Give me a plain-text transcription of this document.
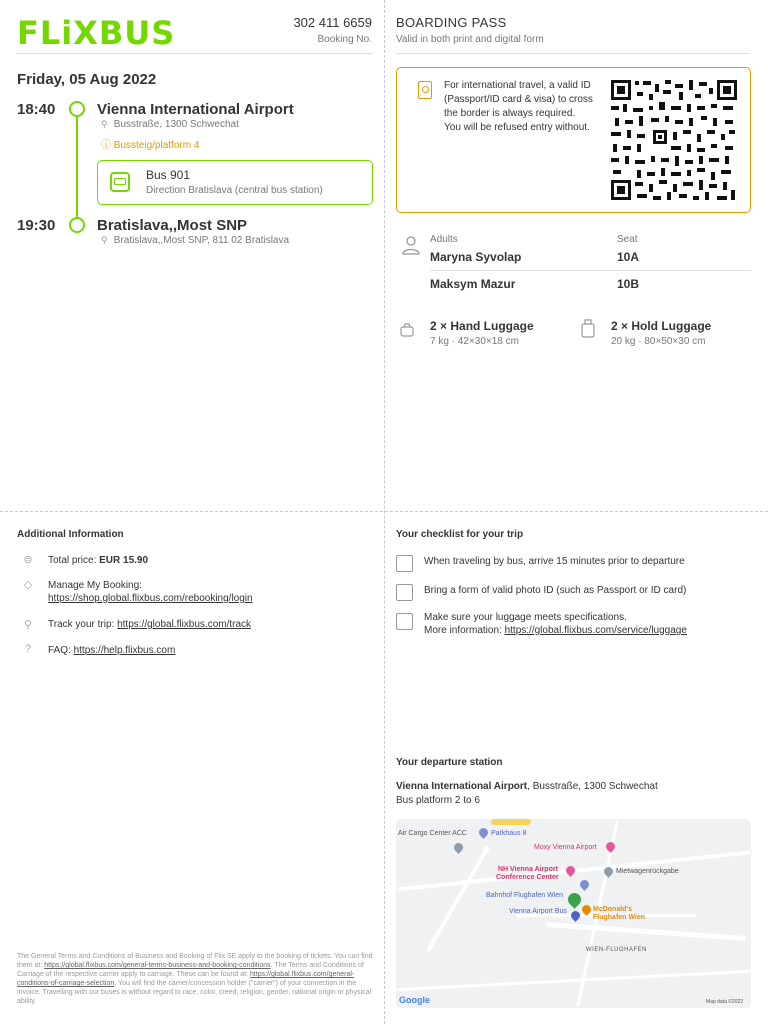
FLiXBUS	302 411 6659
Booking No.
BOARDING PASS
Valid in both print and digital form
Friday, 05 Aug 2022
18:40	Vienna International Airport
⚲ Busstraße, 1300 Schwechat
ⓘ Bussteig/platform 4
Bus 901
Direction Bratislava (central bus station)
19:30	Bratislava,,Most SNP
⚲ Bratislava,,Most SNP, 811 02 Bratislava
For international travel, a valid ID (Passport/ID card & visa) to cross the border is always required. You will be refused entry without.
Adults	Seat
Maryna Syvolap	10A
Maksym Mazur	10B
2 × Hand Luggage
7 kg · 42×30×18 cm
2 × Hold Luggage
20 kg · 80×50×30 cm
Additional Information
⊜ Total price: EUR 15.90
◇ Manage My Booking:
https://shop.global.flixbus.com/rebooking/login
⚲ Track your trip: https://global.flixbus.com/track
?	FAQ: https://help.flixbus.com
Your checklist for your trip
When traveling by bus, arrive 15 minutes prior to departure
Bring a form of valid photo ID (such as Passport or ID card)
Make sure your luggage meets specifications.
More information: https://global.flixbus.com/service/luggage
Your departure station
Vienna International Airport, Busstraße, 1300 Schwechat
Bus platform 2 to 6
Air Cargo Center ACC	Parkhaus 8
Moxy Vienna Airport
NH Vienna Airport
Conference Center
Mietwagenrückgabe
Bahnhof Flughafen Wien
Vienna Airport Bus	McDonald's
Flughafen Wien
WIEN-FLUGHAFEN
Google	Map data ©2022
The General Terms and Conditions of Business and Booking of Flix SE apply to the booking of tickets. You can find them at: https://global.flixbus.com/general-terms-business-and-booking-conditions. The Terms and Conditions of Carriage of the respective carrier apply to carriage. These can be found at: https://global.flixbus.com/general-conditions-of-carriage-selection. You will find the carrier/concession holder ("carrier") of your connection in the invoice. Travelling with our buses is without regard to race, color, creed, religion, gender, national origin or physical ability.
